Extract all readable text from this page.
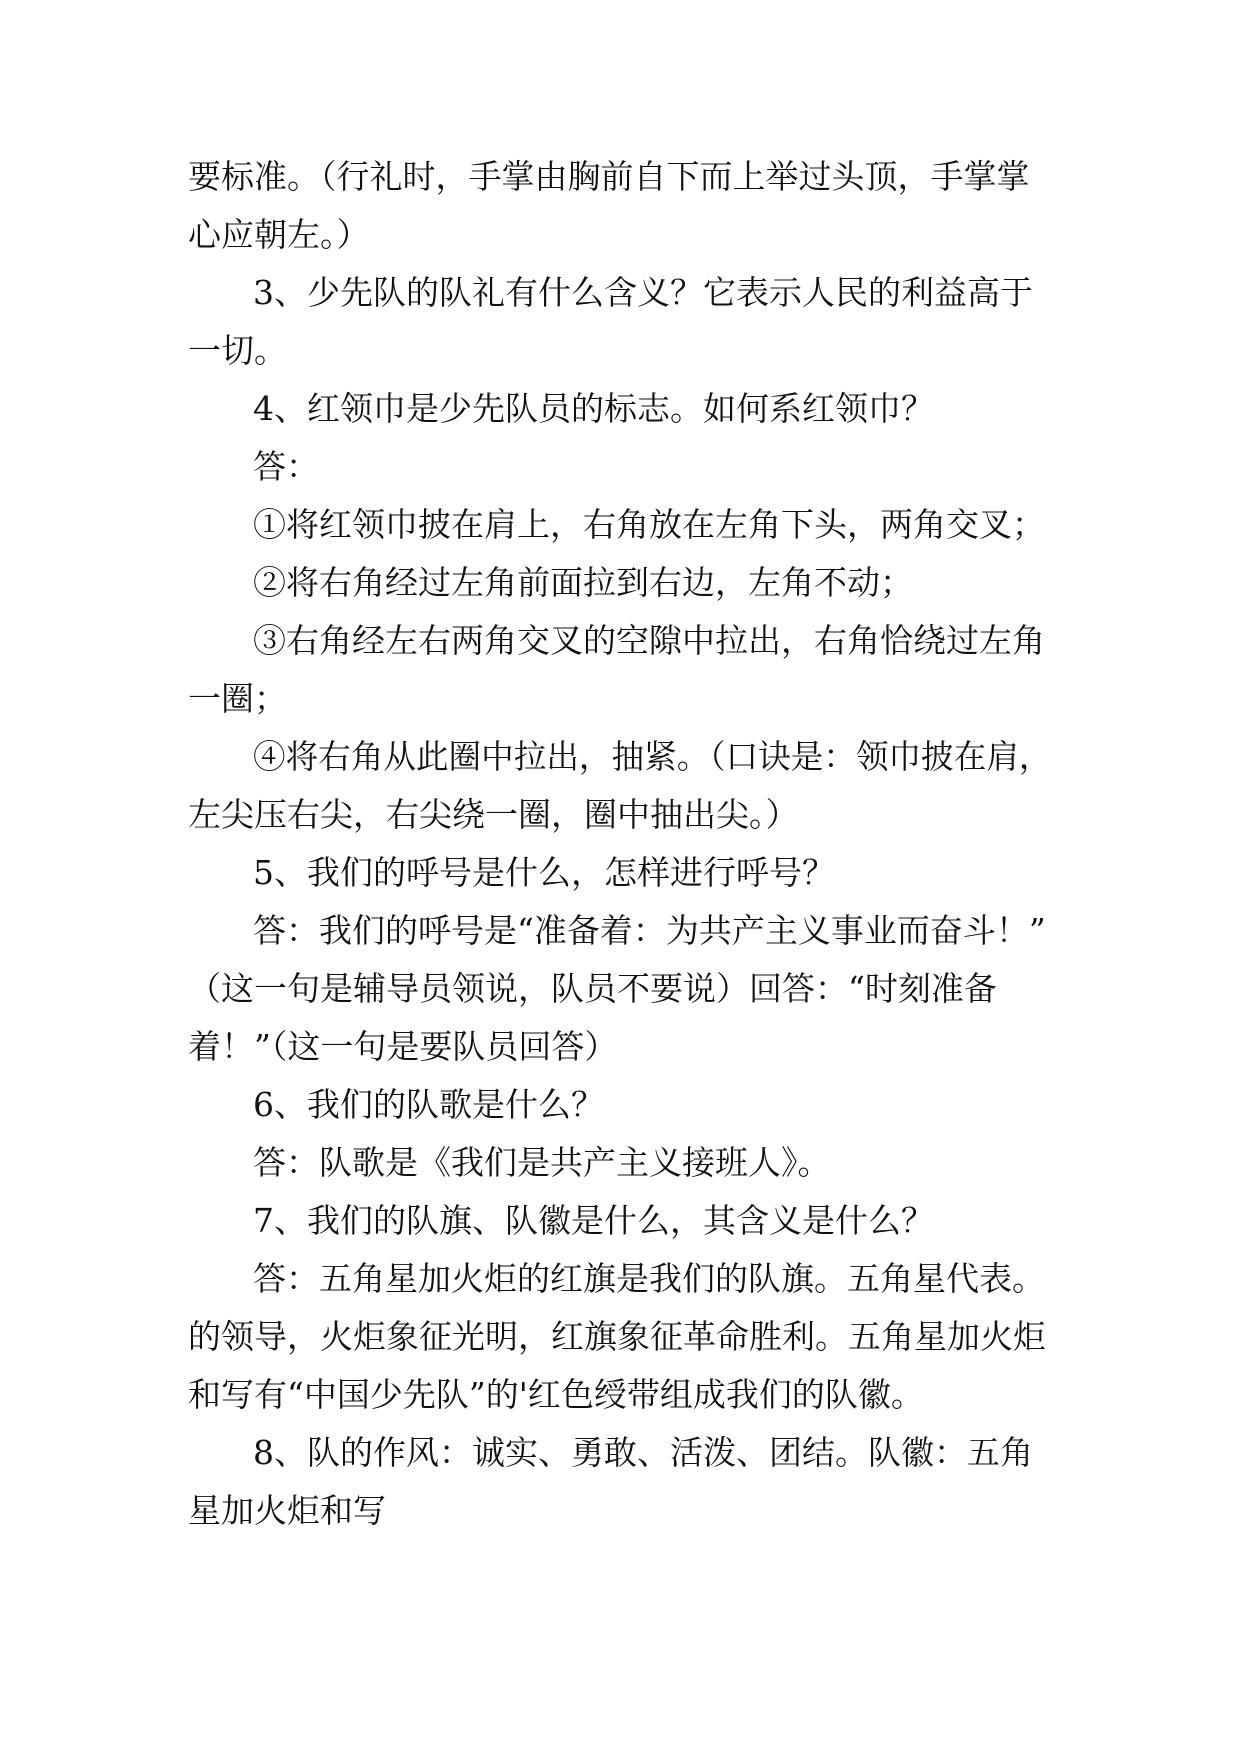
要标准。（行礼时，手掌由胸前自下而上举过头顶，手掌掌
心应朝左。）
3、少先队的队礼有什么含义？它表示人民的利益高于
一切。
4、红领巾是少先队员的标志。如何系红领巾？
答：
①将红领巾披在肩上，右角放在左角下头，两角交叉；
②将右角经过左角前面拉到右边，左角不动；
③右角经左右两角交叉的空隙中拉出，右角恰绕过左角
一圈；
④将右角从此圈中拉出，抽紧。（口诀是：领巾披在肩，
左尖压右尖，右尖绕一圈，圈中抽出尖。）
5、我们的呼号是什么，怎样进行呼号？
答：我们的呼号是“准备着：为共产主义事业而奋斗！”
（这一句是辅导员领说，队员不要说）回答：“时刻准备
着！”（这一句是要队员回答）
6、我们的队歌是什么？
答：队歌是《我们是共产主义接班人》。
7、我们的队旗、队徽是什么，其含义是什么？
答：五角星加火炬的红旗是我们的队旗。五角星代表。
的领导，火炬象征光明，红旗象征革命胜利。五角星加火炬
和写有“中国少先队”的'红色绶带组成我们的队徽。
8、队的作风：诚实、勇敢、活泼、团结。队徽：五角
星加火炬和写
